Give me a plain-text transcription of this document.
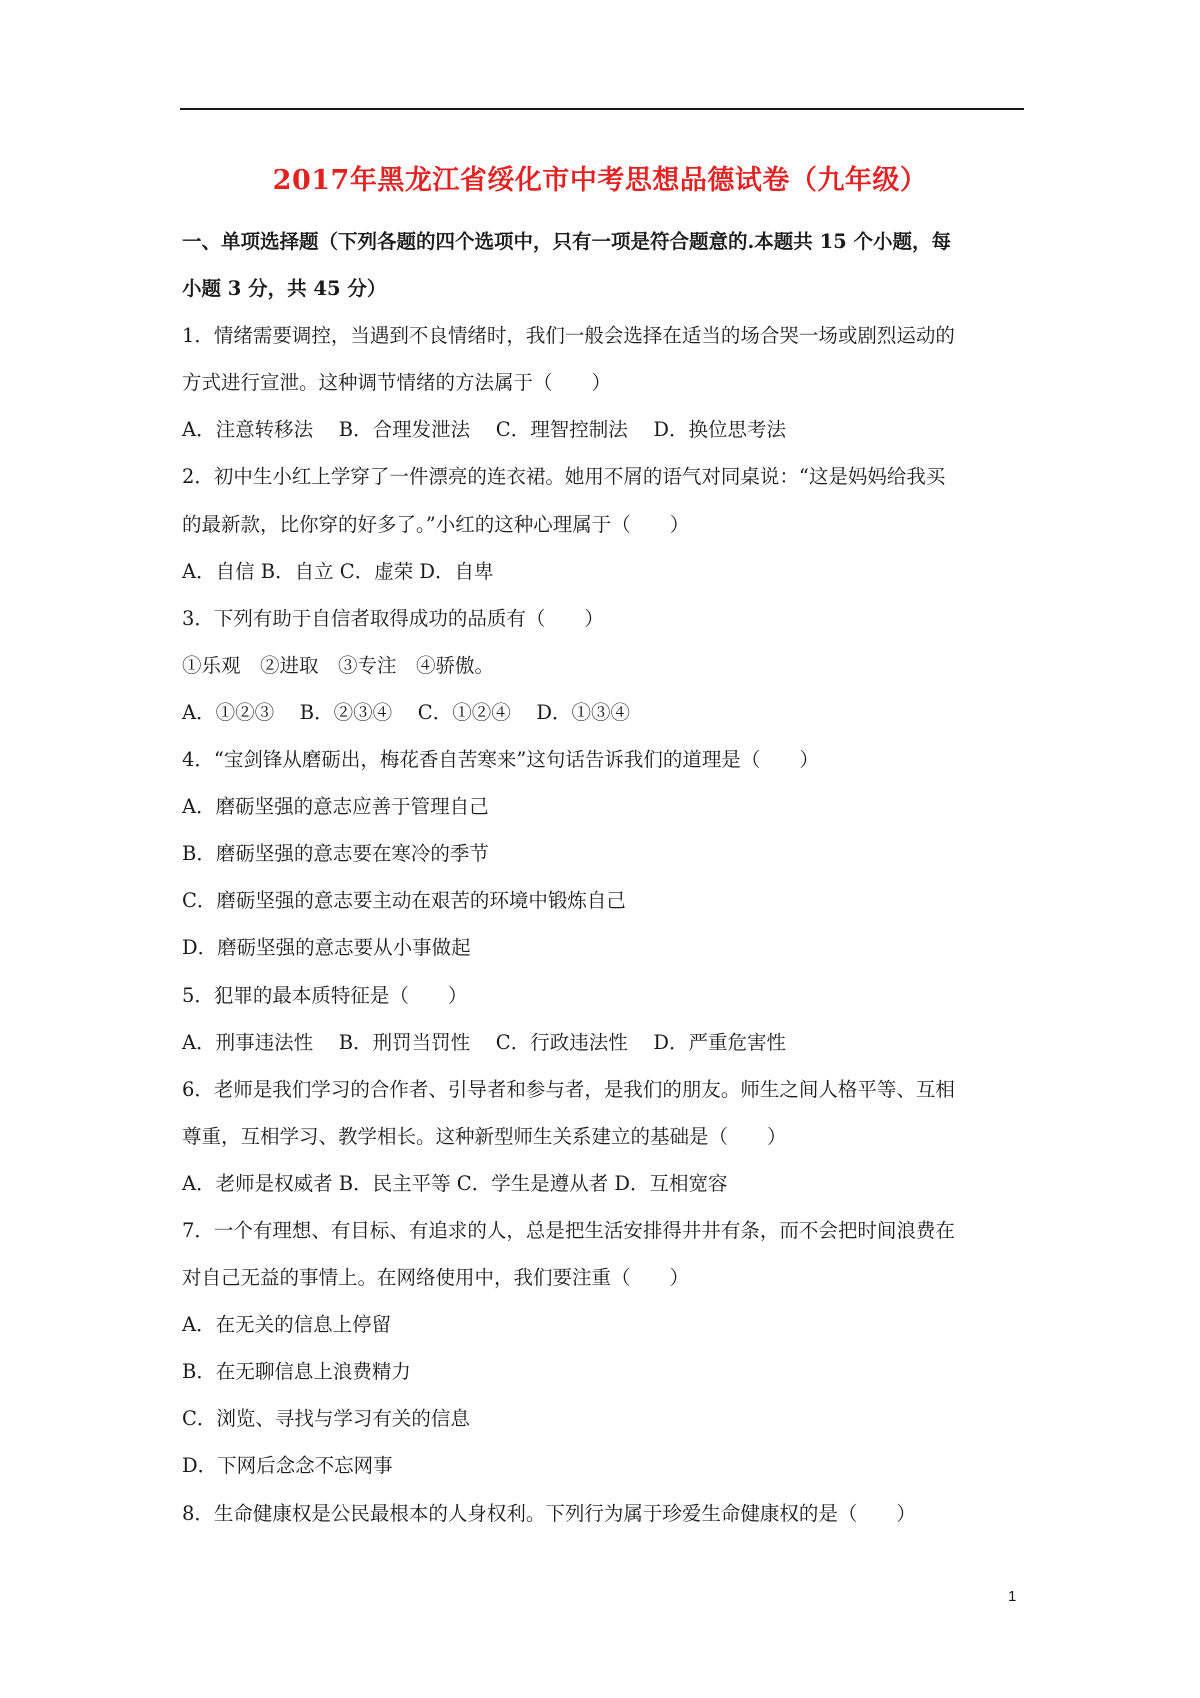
2017年黑龙江省绥化市中考思想品德试卷（九年级）
一、单项选择题（下列各题的四个选项中，只有一项是符合题意的.本题共 15 个小题，每
小题 3 分，共 45 分）
1．情绪需要调控，当遇到不良情绪时，我们一般会选择在适当的场合哭一场或剧烈运动的
方式进行宣泄。这种调节情绪的方法属于（　　）
A．注意转移法　 B．合理发泄法　 C．理智控制法　 D．换位思考法
2．初中生小红上学穿了一件漂亮的连衣裙。她用不屑的语气对同桌说：“这是妈妈给我买
的最新款，比你穿的好多了。”小红的这种心理属于（　　）
A．自信 B．自立 C．虚荣 D．自卑
3．下列有助于自信者取得成功的品质有（　　）
①乐观　②进取　③专注　④骄傲。
A．①②③　 B．②③④　 C．①②④　 D．①③④
4．“宝剑锋从磨砺出，梅花香自苦寒来”这句话告诉我们的道理是（　　）
A．磨砺坚强的意志应善于管理自己
B．磨砺坚强的意志要在寒冷的季节
C．磨砺坚强的意志要主动在艰苦的环境中锻炼自己
D．磨砺坚强的意志要从小事做起
5．犯罪的最本质特征是（　　）
A．刑事违法性　 B．刑罚当罚性　 C．行政违法性　 D．严重危害性
6．老师是我们学习的合作者、引导者和参与者，是我们的朋友。师生之间人格平等、互相
尊重，互相学习、教学相长。这种新型师生关系建立的基础是（　　）
A．老师是权威者 B．民主平等 C．学生是遵从者 D．互相宽容
7．一个有理想、有目标、有追求的人，总是把生活安排得井井有条，而不会把时间浪费在
对自己无益的事情上。在网络使用中，我们要注重（　　）
A．在无关的信息上停留
B．在无聊信息上浪费精力
C．浏览、寻找与学习有关的信息
D．下网后念念不忘网事
8．生命健康权是公民最根本的人身权利。下列行为属于珍爱生命健康权的是（　　）
1
